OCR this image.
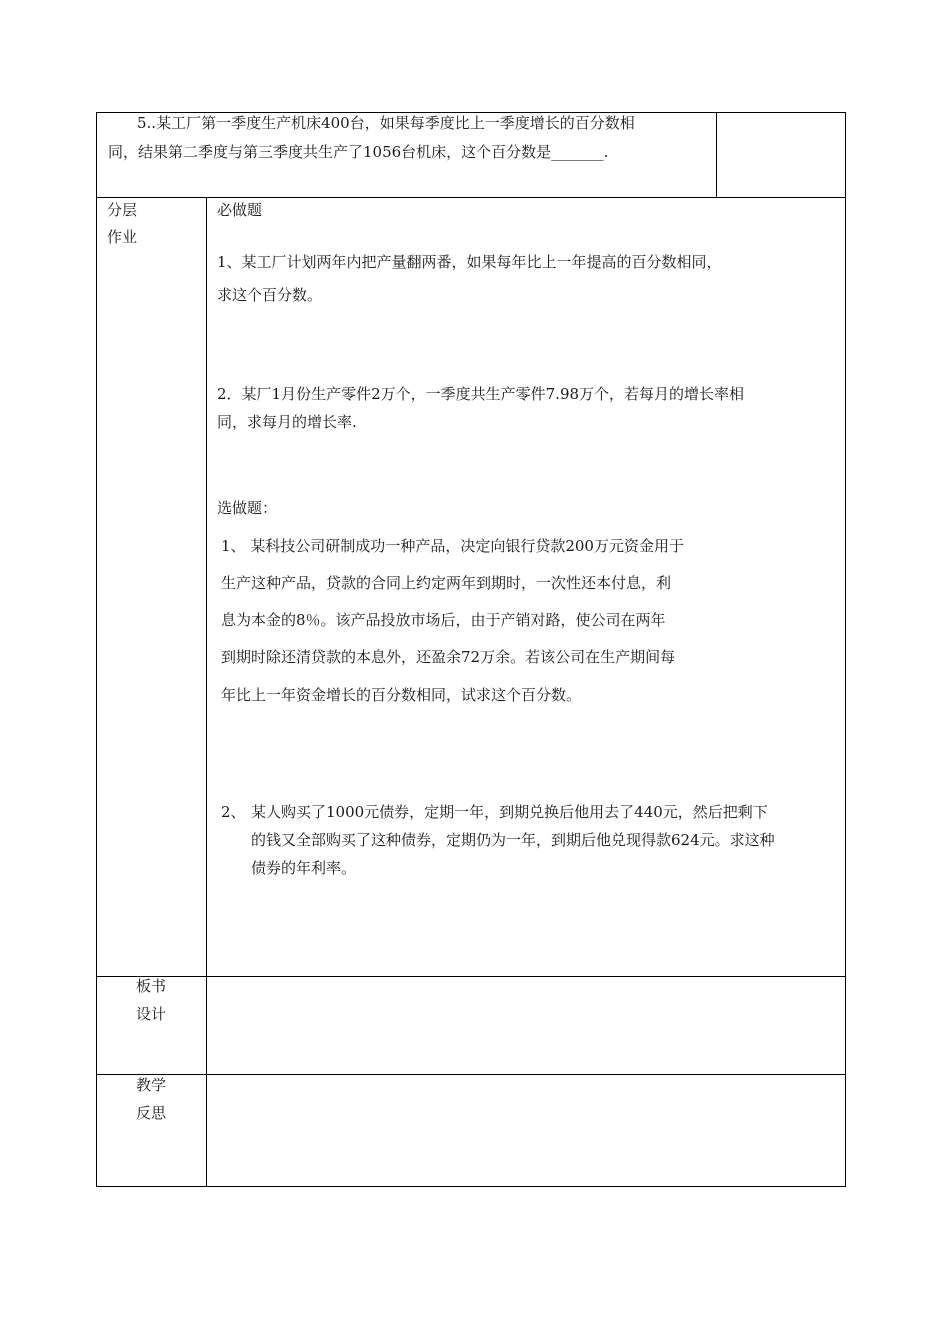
5..某工厂第一季度生产机床400台，如果每季度比上一季度增长的百分数相
同，结果第二季度与第三季度共生产了1056台机床，这个百分数是_______.
分层
作业
必做题
1、某工厂计划两年内把产量翻两番，如果每年比上一年提高的百分数相同，
求这个百分数。
2．某厂1月份生产零件2万个，一季度共生产零件7.98万个，若每月的增长率相
同，求每月的增长率.
选做题：
1、 某科技公司研制成功一种产品，决定向银行贷款200万元资金用于
生产这种产品，贷款的合同上约定两年到期时，一次性还本付息，利
息为本金的8％。该产品投放市场后，由于产销对路，使公司在两年
到期时除还清贷款的本息外，还盈余72万余。若该公司在生产期间每
年比上一年资金增长的百分数相同，试求这个百分数。
2、 某人购买了1000元债券，定期一年，到期兑换后他用去了440元，然后把剩下
的钱又全部购买了这种债券，定期仍为一年，到期后他兑现得款624元。求这种
债券的年利率。
板书
设计
教学
反思
